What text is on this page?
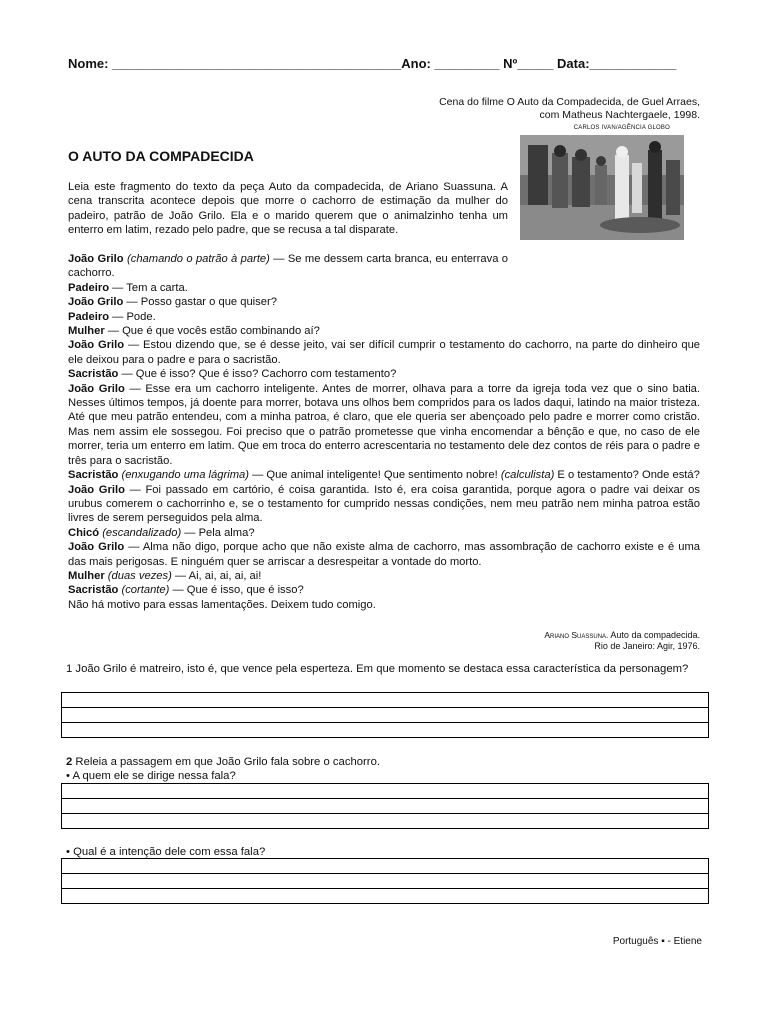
Nome: ________________________________________Ano: _________ Nº_____ Data:____________
Cena do filme O Auto da Compadecida, de Guel Arraes,
com Matheus Nachtergaele, 1998.
CARLOS IVAN/AGÊNCIA GLOBO
O AUTO DA COMPADECIDA
Leia este fragmento do texto da peça Auto da compadecida, de Ariano Suassuna. A cena transcrita acontece depois que morre o cachorro de estimação da mulher do padeiro, patrão de João Grilo. Ela e o marido querem que o animalzinho tenha um enterro em latim, rezado pelo padre, que se recusa a tal disparate.
João Grilo (chamando o patrão à parte) — Se me dessem carta branca, eu enterrava o cachorro.
Padeiro — Tem a carta.
João Grilo — Posso gastar o que quiser?
Padeiro — Pode.
Mulher — Que é que vocês estão combinando aí?
João Grilo — Estou dizendo que, se é desse jeito, vai ser difícil cumprir o testamento do cachorro, na parte do dinheiro que ele deixou para o padre e para o sacristão.
Sacristão — Que é isso? Que é isso? Cachorro com testamento?
João Grilo — Esse era um cachorro inteligente. Antes de morrer, olhava para a torre da igreja toda vez que o sino batia. Nesses últimos tempos, já doente para morrer, botava uns olhos bem compridos para os lados daqui, latindo na maior tristeza. Até que meu patrão entendeu, com a minha patroa, é claro, que ele queria ser abençoado pelo padre e morrer como cristão. Mas nem assim ele sossegou. Foi preciso que o patrão prometesse que vinha encomendar a bênção e que, no caso de ele morrer, teria um enterro em latim. Que em troca do enterro acrescentaria no testamento dele dez contos de réis para o padre e três para o sacristão.
Sacristão (enxugando uma lágrima) — Que animal inteligente! Que sentimento nobre! (calculista) E o testamento? Onde está?
João Grilo — Foi passado em cartório, é coisa garantida. Isto é, era coisa garantida, porque agora o padre vai deixar os urubus comerem o cachorrinho e, se o testamento for cumprido nessas condições, nem meu patrão nem minha patroa estão livres de serem perseguidos pela alma.
Chicó (escandalizado) — Pela alma?
João Grilo — Alma não digo, porque acho que não existe alma de cachorro, mas assombração de cachorro existe e é uma das mais perigosas. E ninguém quer se arriscar a desrespeitar a vontade do morto.
Mulher (duas vezes) — Ai, ai, ai, ai, ai!
Sacristão (cortante) — Que é isso, que é isso?
Não há motivo para essas lamentações. Deixem tudo comigo.
Ariano Suassuna. Auto da compadecida.
Rio de Janeiro: Agir, 1976.
1 João Grilo é matreiro, isto é, que vence pela esperteza. Em que momento se destaca essa característica da personagem?
2 Releia a passagem em que João Grilo fala sobre o cachorro.
• A quem ele se dirige nessa fala?
• Qual é a intenção dele com essa fala?
Português ▪ - Etiene
